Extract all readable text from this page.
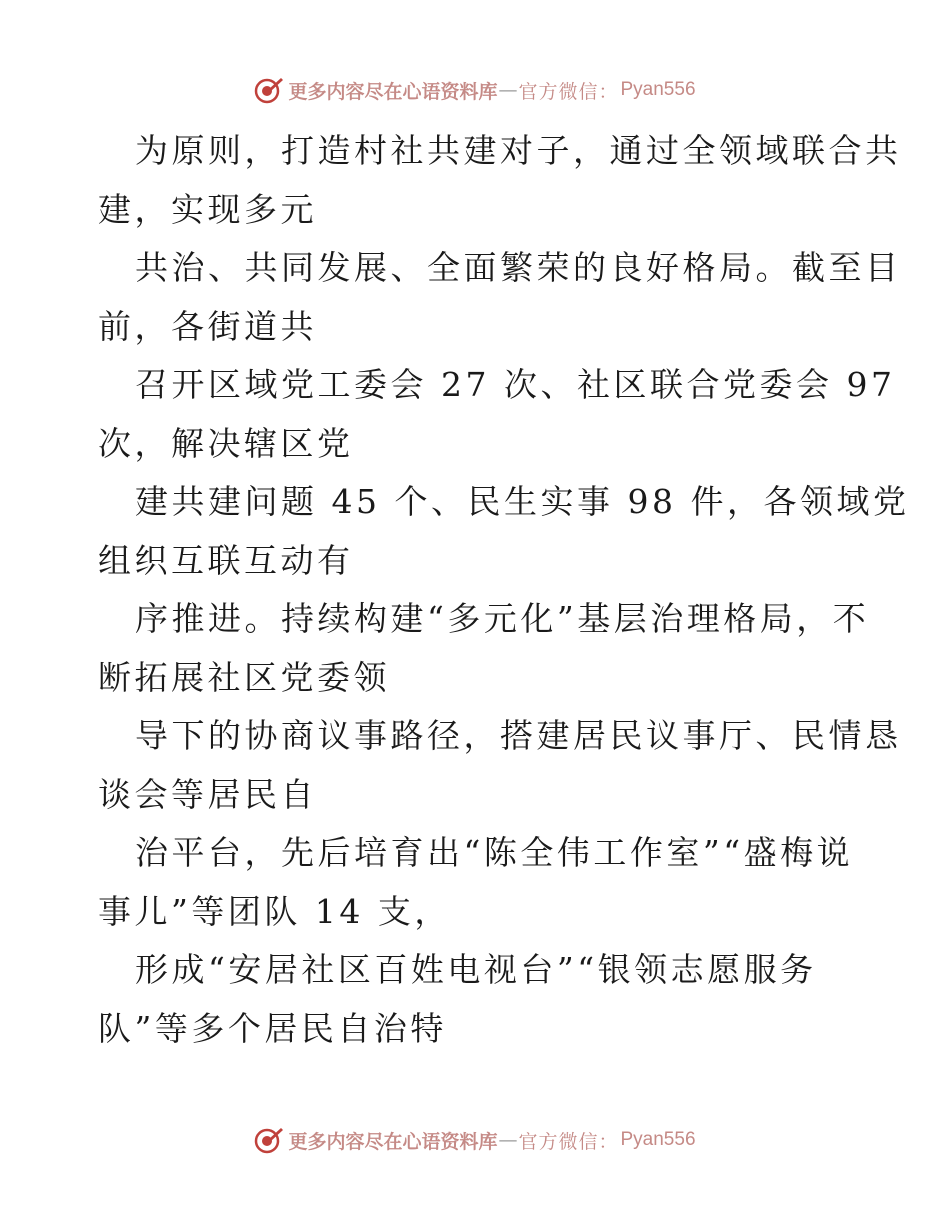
更多内容尽在心语资料库 — 官方微信： Pyan556
为原则，打造村社共建对子，通过全领域联合共
建，实现多元
共治、共同发展、全面繁荣的良好格局。截至目
前，各街道共
召开区域党工委会 27 次、社区联合党委会 97
次，解决辖区党
建共建问题 45 个、民生实事 98 件，各领域党
组织互联互动有
序推进。持续构建“多元化”基层治理格局，不
断拓展社区党委领
导下的协商议事路径，搭建居民议事厅、民情恳
谈会等居民自
治平台，先后培育出“陈全伟工作室”“盛梅说
事儿”等团队 14 支，
形成“安居社区百姓电视台”“银领志愿服务
队”等多个居民自治特
更多内容尽在心语资料库 — 官方微信： Pyan556
